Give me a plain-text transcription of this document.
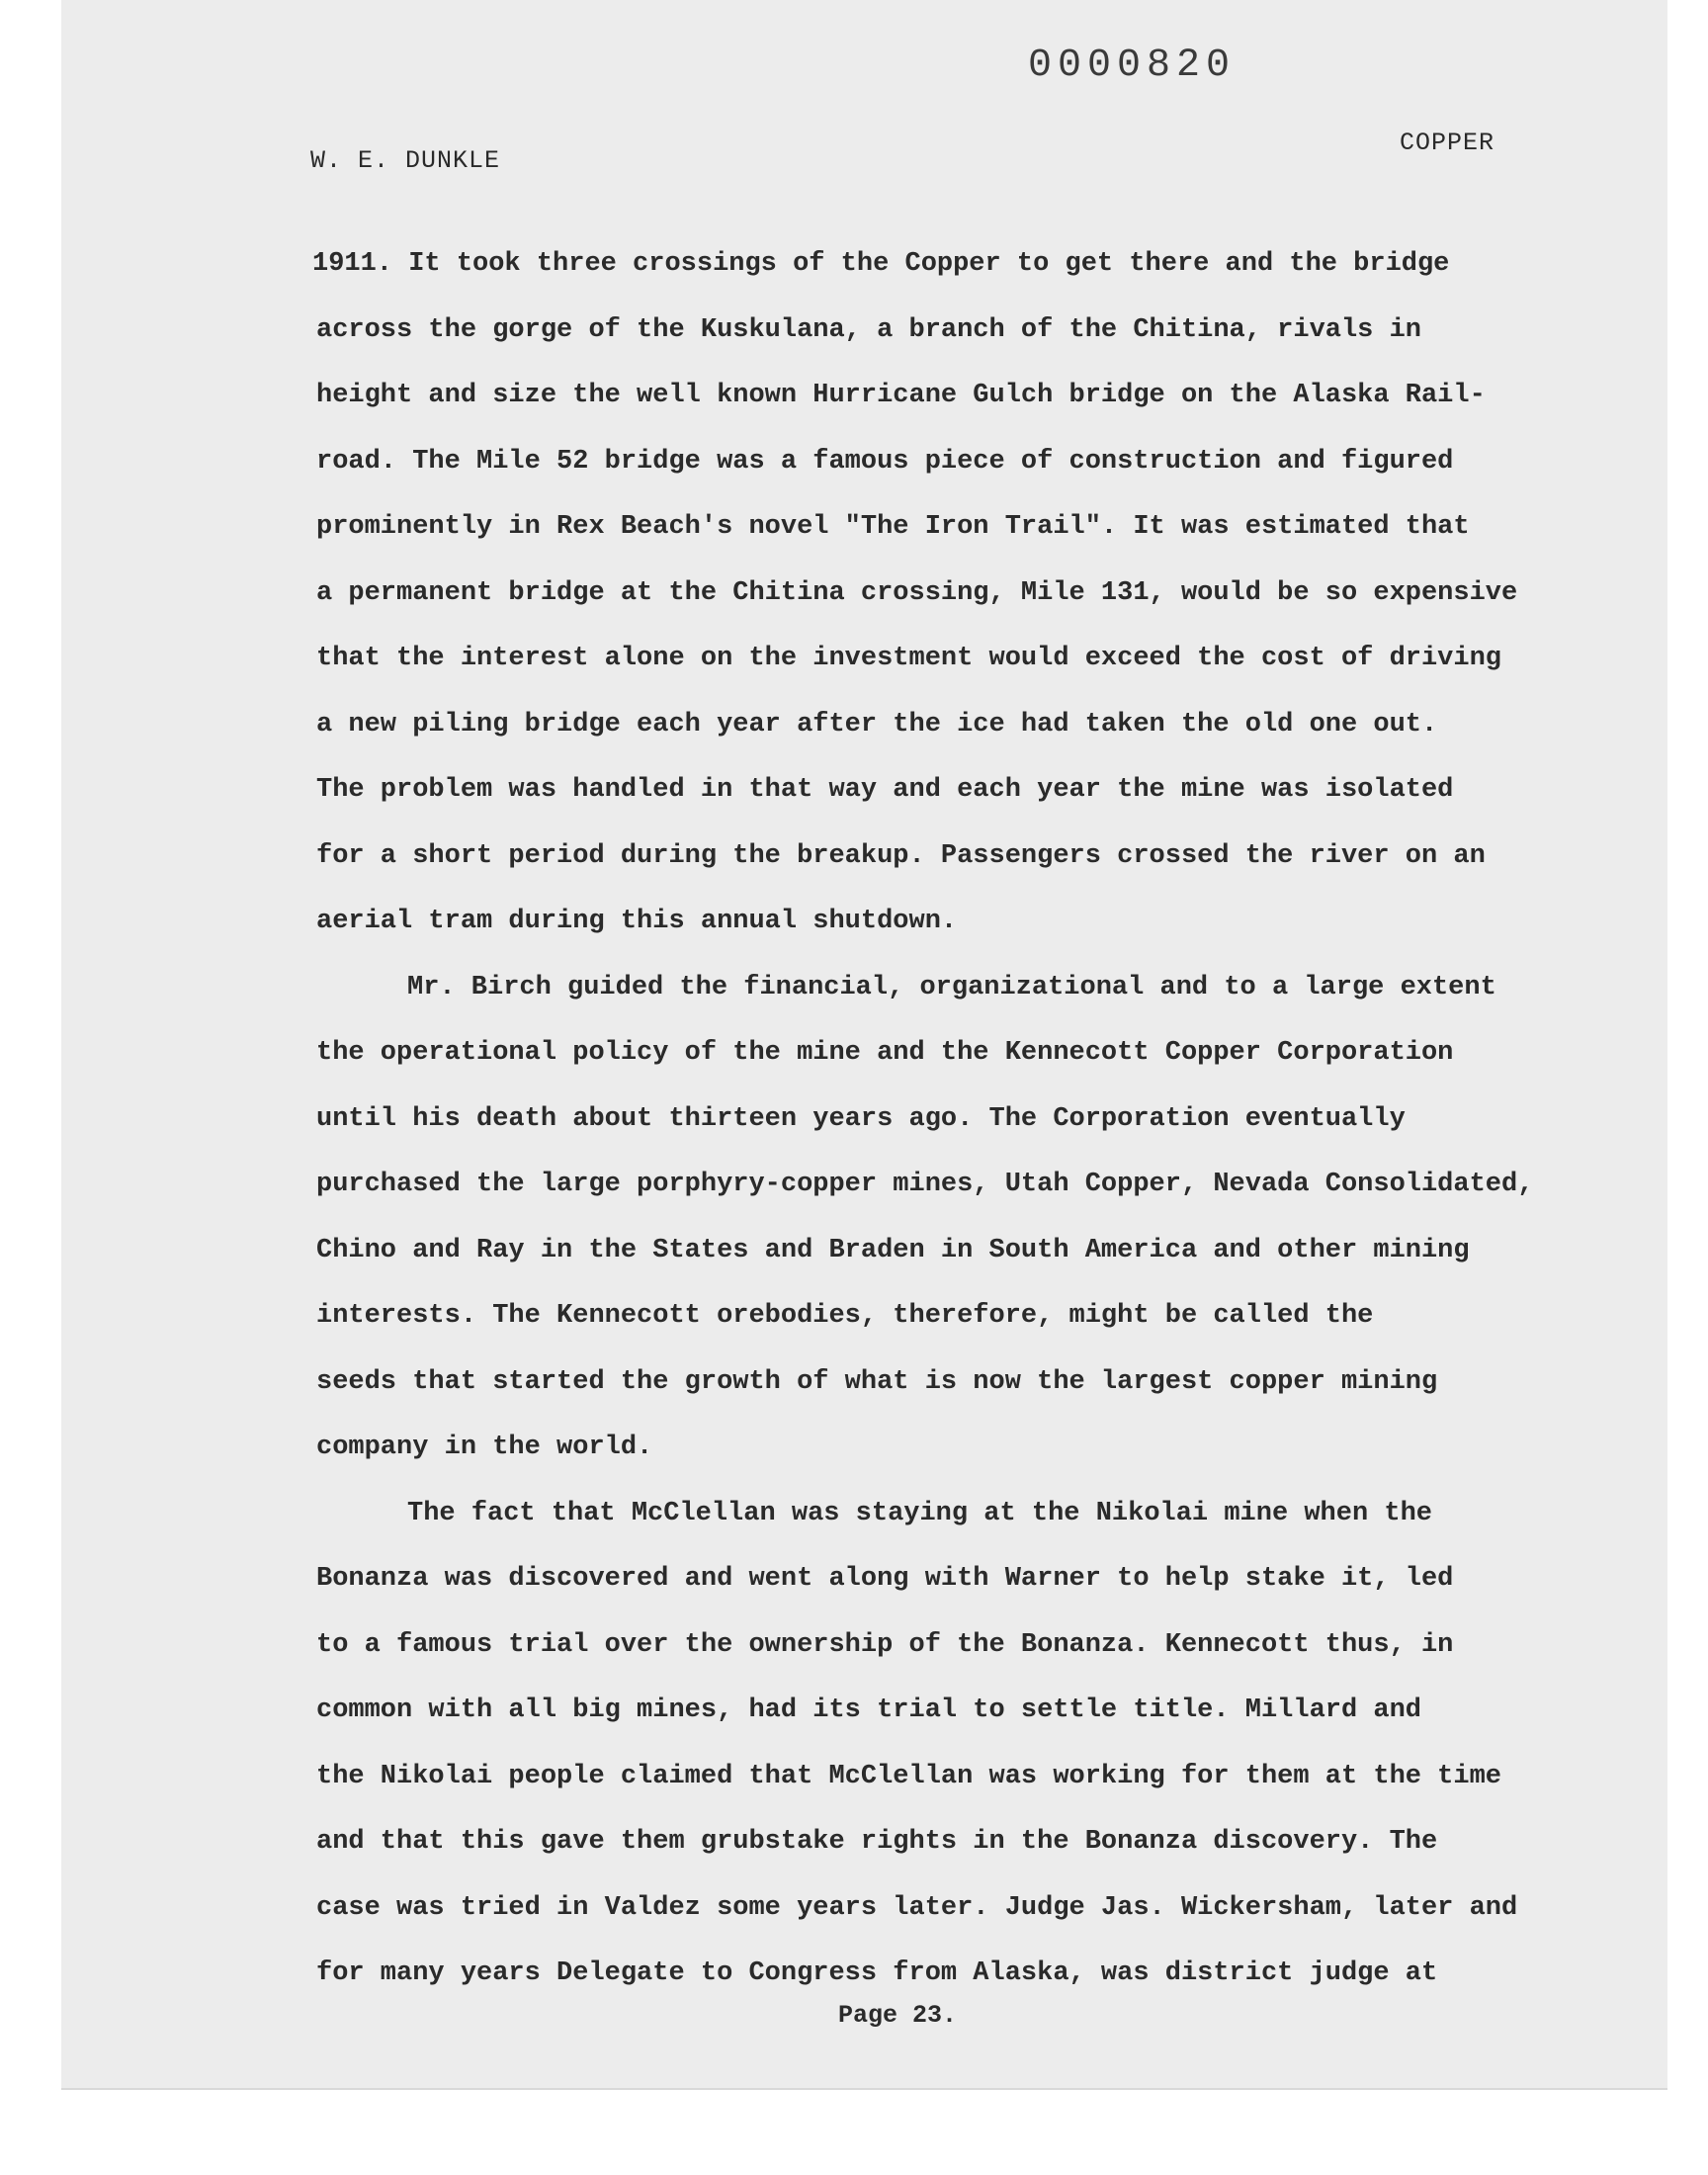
0000820
W. E. DUNKLE
COPPER
1911. It took three crossings of the Copper to get there and the bridge
across the gorge of the Kuskulana, a branch of the Chitina, rivals in
height and size the well known Hurricane Gulch bridge on the Alaska Rail-
road. The Mile 52 bridge was a famous piece of construction and figured
prominently in Rex Beach's novel "The Iron Trail". It was estimated that
a permanent bridge at the Chitina crossing, Mile 131, would be so expensive
that the interest alone on the investment would exceed the cost of driving
a new piling bridge each year after the ice had taken the old one out.
The problem was handled in that way and each year the mine was isolated
for a short period during the breakup. Passengers crossed the river on an
aerial tram during this annual shutdown.
Mr. Birch guided the financial, organizational and to a large extent
the operational policy of the mine and the Kennecott Copper Corporation
until his death about thirteen years ago. The Corporation eventually
purchased the large porphyry-copper mines, Utah Copper, Nevada Consolidated,
Chino and Ray in the States and Braden in South America and other mining
interests. The Kennecott orebodies, therefore, might be called the
seeds that started the growth of what is now the largest copper mining
company in the world.
The fact that McClellan was staying at the Nikolai mine when the
Bonanza was discovered and went along with Warner to help stake it, led
to a famous trial over the ownership of the Bonanza. Kennecott thus, in
common with all big mines, had its trial to settle title. Millard and
the Nikolai people claimed that McClellan was working for them at the time
and that this gave them grubstake rights in the Bonanza discovery. The
case was tried in Valdez some years later. Judge Jas. Wickersham, later and
for many years Delegate to Congress from Alaska, was district judge at
Page 23.
